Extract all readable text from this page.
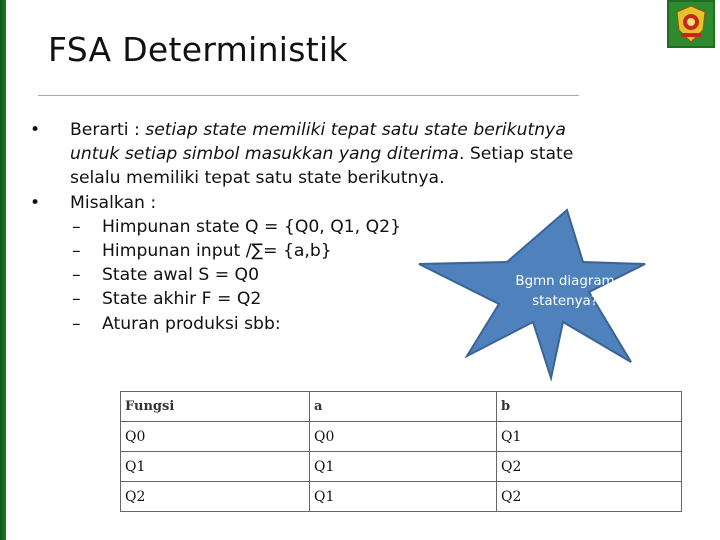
FSA Deterministik
•	Berarti : setiap state memiliki tepat satu state berikutnya untuk setiap simbol masukkan yang diterima. Setiap state selalu memiliki tepat satu state berikutnya.
•	Misalkan :
– Himpunan state Q = {Q0, Q1, Q2}
– Himpunan input /∑= {a,b}
– State awal S = Q0
– State akhir F = Q2
– Aturan produksi sbb:
Bgmn diagram statenya?
Fungsi	a	b
Q0	Q0	Q1
Q1	Q1	Q2
Q2	Q1	Q2
